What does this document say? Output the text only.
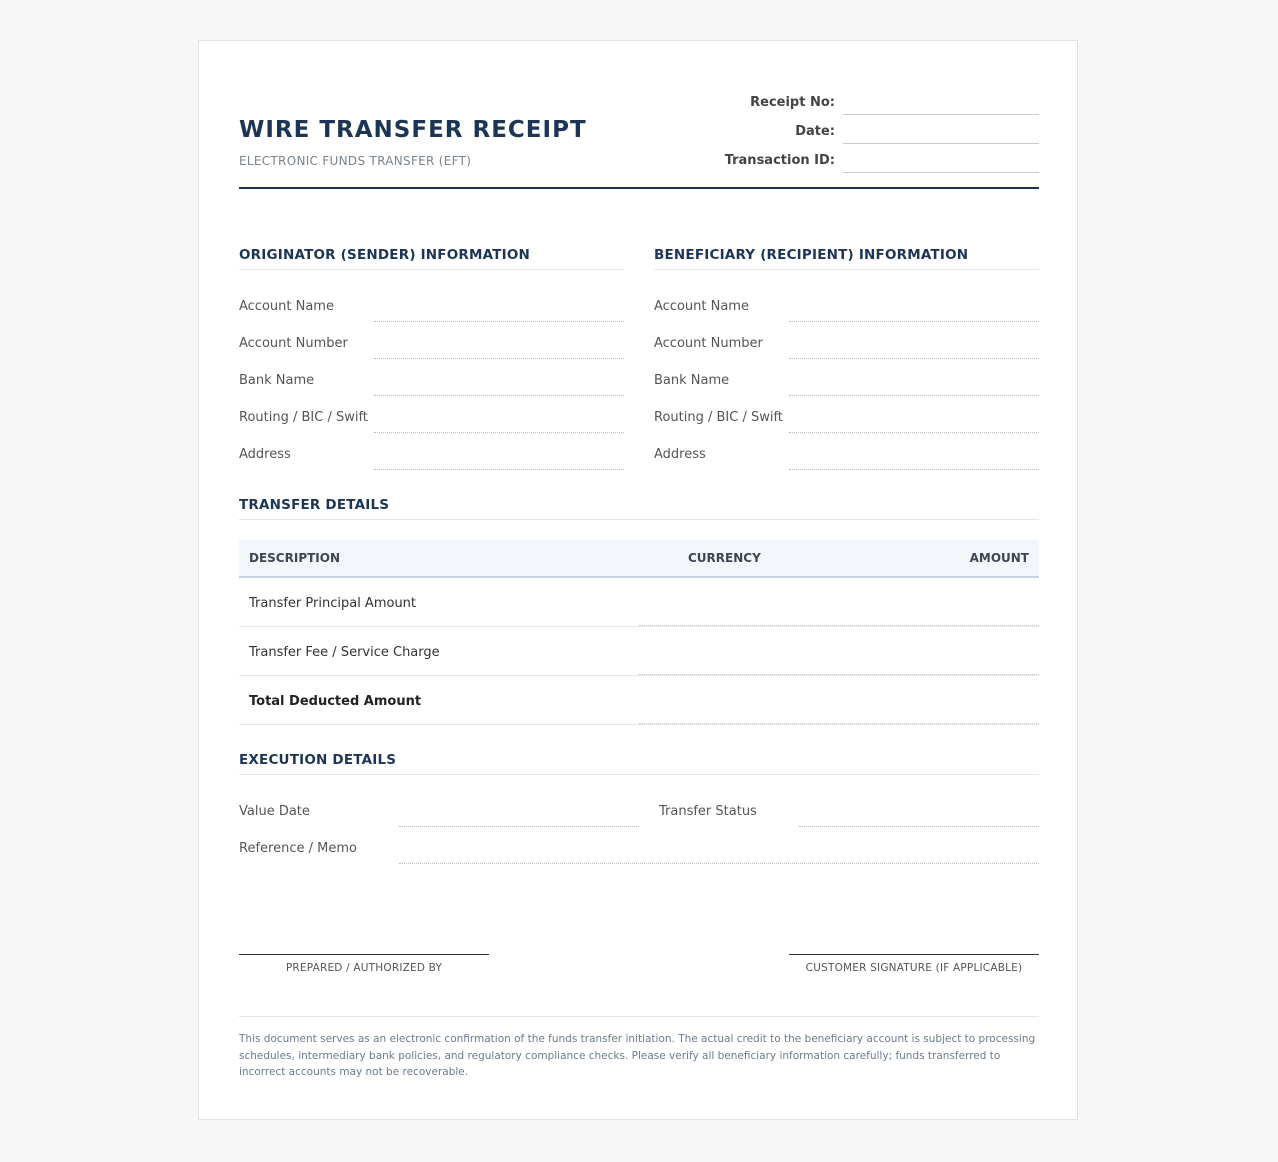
WIRE TRANSFER RECEIPT
ELECTRONIC FUNDS TRANSFER (EFT)
Receipt No:
Date:
Transaction ID:
ORIGINATOR (SENDER) INFORMATION
Account Name
Account Number
Bank Name
Routing / BIC / Swift
Address
BENEFICIARY (RECIPIENT) INFORMATION
Account Name
Account Number
Bank Name
Routing / BIC / Swift
Address
TRANSFER DETAILS
DESCRIPTION	CURRENCY	AMOUNT
Transfer Principal Amount
Transfer Fee / Service Charge
Total Deducted Amount
EXECUTION DETAILS
Value Date	Transfer Status
Reference / Memo
PREPARED / AUTHORIZED BY	CUSTOMER SIGNATURE (IF APPLICABLE)

This document serves as an electronic confirmation of the funds transfer initiation. The actual credit to the beneficiary account is subject to processing schedules, intermediary bank policies, and regulatory compliance checks. Please verify all beneficiary information carefully; funds transferred to incorrect accounts may not be recoverable.
